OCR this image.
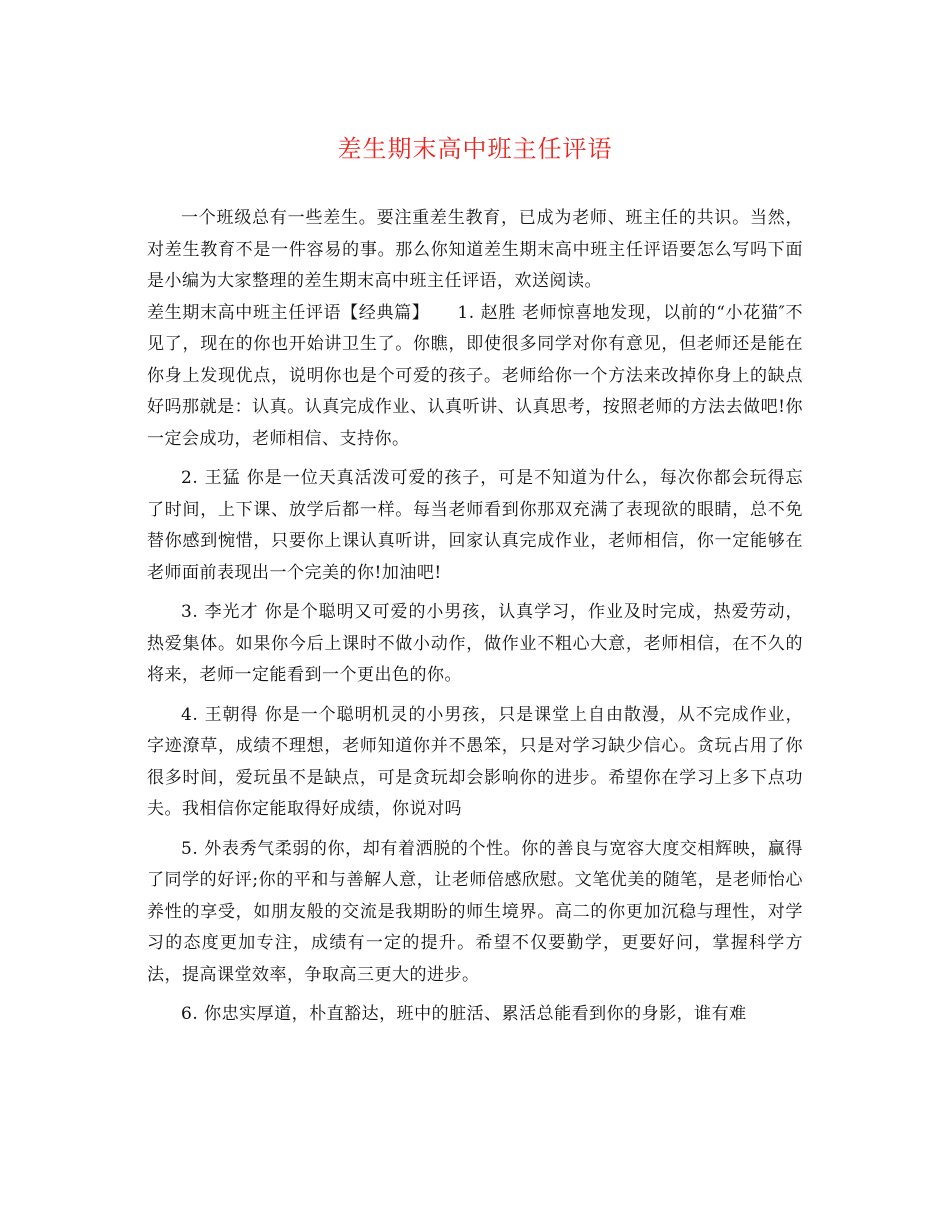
差生期末高中班主任评语

一个班级总有一些差生。要注重差生教育，已成为老师、班主任的共识。当然，对差生教育不是一件容易的事。那么你知道差生期末高中班主任评语要怎么写吗下面是小编为大家整理的差生期末高中班主任评语，欢送阅读。

差生期末高中班主任评语【经典篇】 1. 赵胜 老师惊喜地发现，以前的“小花猫″不见了，现在的你也开始讲卫生了。你瞧，即使很多同学对你有意见，但老师还是能在你身上发现优点，说明你也是个可爱的孩子。老师给你一个方法来改掉你身上的缺点好吗那就是：认真。认真完成作业、认真听讲、认真思考，按照老师的方法去做吧!你一定会成功，老师相信、支持你。

2. 王猛 你是一位天真活泼可爱的孩子，可是不知道为什么，每次你都会玩得忘了时间，上下课、放学后都一样。每当老师看到你那双充满了表现欲的眼睛，总不免替你感到惋惜，只要你上课认真听讲，回家认真完成作业，老师相信，你一定能够在老师面前表现出一个完美的你!加油吧!

3. 李光才 你是个聪明又可爱的小男孩，认真学习，作业及时完成，热爱劳动，热爱集体。如果你今后上课时不做小动作，做作业不粗心大意，老师相信，在不久的将来，老师一定能看到一个更出色的你。

4. 王朝得 你是一个聪明机灵的小男孩，只是课堂上自由散漫，从不完成作业，字迹潦草，成绩不理想，老师知道你并不愚笨，只是对学习缺少信心。贪玩占用了你很多时间，爱玩虽不是缺点，可是贪玩却会影响你的进步。希望你在学习上多下点功夫。我相信你定能取得好成绩，你说对吗

5. 外表秀气柔弱的你，却有着洒脱的个性。你的善良与宽容大度交相辉映，赢得了同学的好评;你的平和与善解人意，让老师倍感欣慰。文笔优美的随笔，是老师怡心养性的享受，如朋友般的交流是我期盼的师生境界。高二的你更加沉稳与理性，对学习的态度更加专注，成绩有一定的提升。希望不仅要勤学，更要好问，掌握科学方法，提高课堂效率，争取高三更大的进步。

6. 你忠实厚道，朴直豁达，班中的脏活、累活总能看到你的身影，谁有难
